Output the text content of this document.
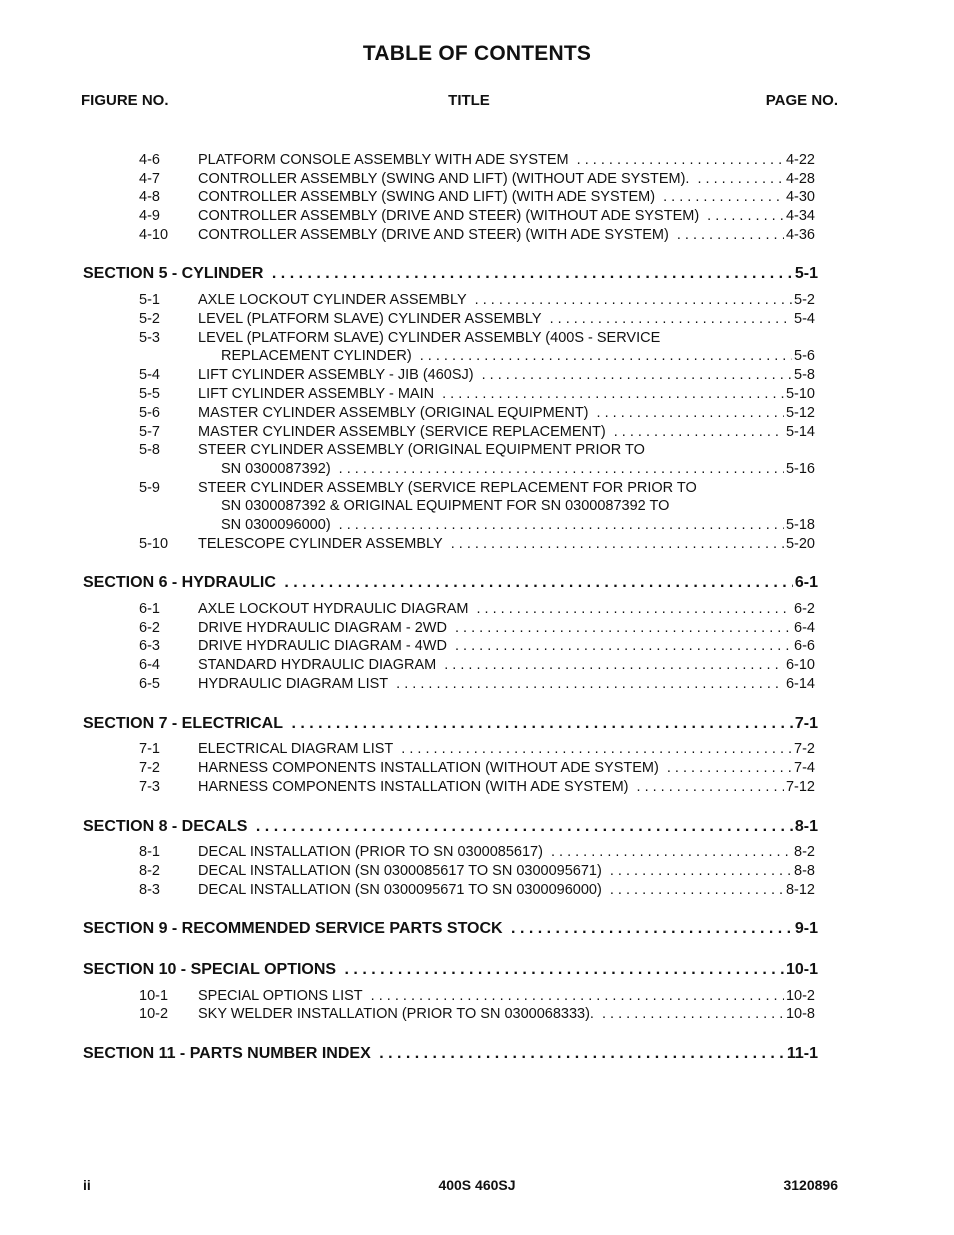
TABLE OF CONTENTS
FIGURE NO.	TITLE	PAGE NO.
4-6	PLATFORM CONSOLE ASSEMBLY WITH ADE SYSTEM . . .	4-22
4-7	CONTROLLER ASSEMBLY (SWING AND LIFT) (WITHOUT ADE SYSTEM). . . .	4-28
4-8	CONTROLLER ASSEMBLY (SWING AND LIFT) (WITH ADE SYSTEM) . . .	4-30
4-9	CONTROLLER ASSEMBLY (DRIVE AND STEER) (WITHOUT ADE SYSTEM) . . .	4-34
4-10 CONTROLLER ASSEMBLY (DRIVE AND STEER) (WITH ADE SYSTEM) . . .	4-36
SECTION 5 - CYLINDER . . .	5-1
5-1	AXLE LOCKOUT CYLINDER ASSEMBLY . . .	5-2
5-2	LEVEL (PLATFORM SLAVE) CYLINDER ASSEMBLY . . .	5-4
5-3	LEVEL (PLATFORM SLAVE) CYLINDER ASSEMBLY (400S - SERVICE
REPLACEMENT CYLINDER) . . .	5-6
5-4	LIFT CYLINDER ASSEMBLY - JIB (460SJ) . . .	5-8
5-5	LIFT CYLINDER ASSEMBLY - MAIN . . .	5-10
5-6	MASTER CYLINDER ASSEMBLY (ORIGINAL EQUIPMENT) . . .	5-12
5-7	MASTER CYLINDER ASSEMBLY (SERVICE REPLACEMENT) . . .	5-14
5-8	STEER CYLINDER ASSEMBLY (ORIGINAL EQUIPMENT PRIOR TO
SN 0300087392) . . .	5-16
5-9	STEER CYLINDER ASSEMBLY (SERVICE REPLACEMENT FOR PRIOR TO
SN 0300087392 & ORIGINAL EQUIPMENT FOR SN 0300087392 TO
SN 0300096000) . . .	5-18
5-10 TELESCOPE CYLINDER ASSEMBLY . . .	5-20
SECTION 6 - HYDRAULIC . . .	6-1
6-1	AXLE LOCKOUT HYDRAULIC DIAGRAM . . .	6-2
6-2	DRIVE HYDRAULIC DIAGRAM - 2WD . . .	6-4
6-3	DRIVE HYDRAULIC DIAGRAM - 4WD . . .	6-6
6-4	STANDARD HYDRAULIC DIAGRAM . . .	6-10
6-5	HYDRAULIC DIAGRAM LIST . . .	6-14
SECTION 7 - ELECTRICAL . . .	7-1
7-1	ELECTRICAL DIAGRAM LIST . . .	7-2
7-2	HARNESS COMPONENTS INSTALLATION (WITHOUT ADE SYSTEM) . . .	7-4
7-3	HARNESS COMPONENTS INSTALLATION (WITH ADE SYSTEM) . . .	7-12
SECTION 8 - DECALS . . .	8-1
8-1	DECAL INSTALLATION (PRIOR TO SN 0300085617) . . .	8-2
8-2	DECAL INSTALLATION (SN 0300085617 TO SN 0300095671) . . .	8-8
8-3	DECAL INSTALLATION (SN 0300095671 TO SN 0300096000) . . .	8-12
SECTION 9 - RECOMMENDED SERVICE PARTS STOCK . . .	9-1
SECTION 10 - SPECIAL OPTIONS . . .	10-1
10-1 SPECIAL OPTIONS LIST . . .	10-2
10-2 SKY WELDER INSTALLATION (PRIOR TO SN 0300068333). . . .	10-8
SECTION 11 - PARTS NUMBER INDEX . . .	11-1
ii	400S 460SJ	3120896
